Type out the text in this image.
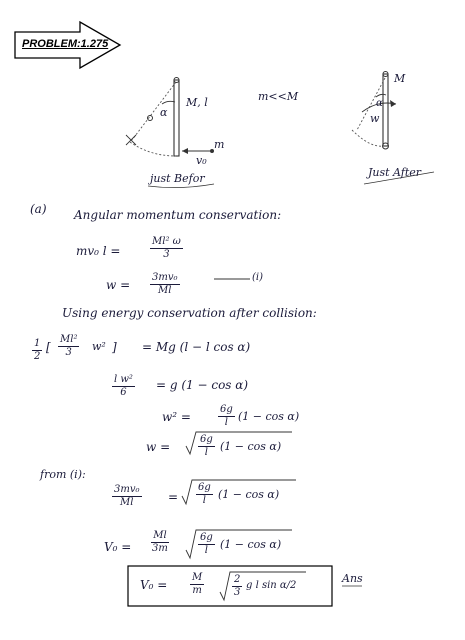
PROBLEM:1.275
M, l
α
m
v₀
just Befor
m<<M
M
α
w
Just After
(a) Angular momentum conservation:
mv₀ l =	$\frac{\text{Ml² ω}}{3}$
$w = \frac{\text{3mv₀}}{Ml}$	(i)
Using energy conservation after collision:
$\frac{1}{2}$ [ $\frac{\text{Ml²}}{3} w^2$ ] = Mg (l − l cos α)
$\frac{\text{l w²}}{6} = g$ (1 − cos α)
w² =	$\frac{6g}{l} (1 - \cos \alpha)$
w =	$\frac{6g}{l} (1 - \cos \alpha)$
from (i):
$\frac{\text{3mv₀}}{Ml} = \frac{6g}{l} (1 - \cos \alpha)$
$V_0 = \frac{Ml}{3m}$	$\frac{6g}{l} (1 - \cos \alpha)$
$V_0 = \frac{M}{m}$	$\frac{2}{3}$ g l sin α/2
Ans
